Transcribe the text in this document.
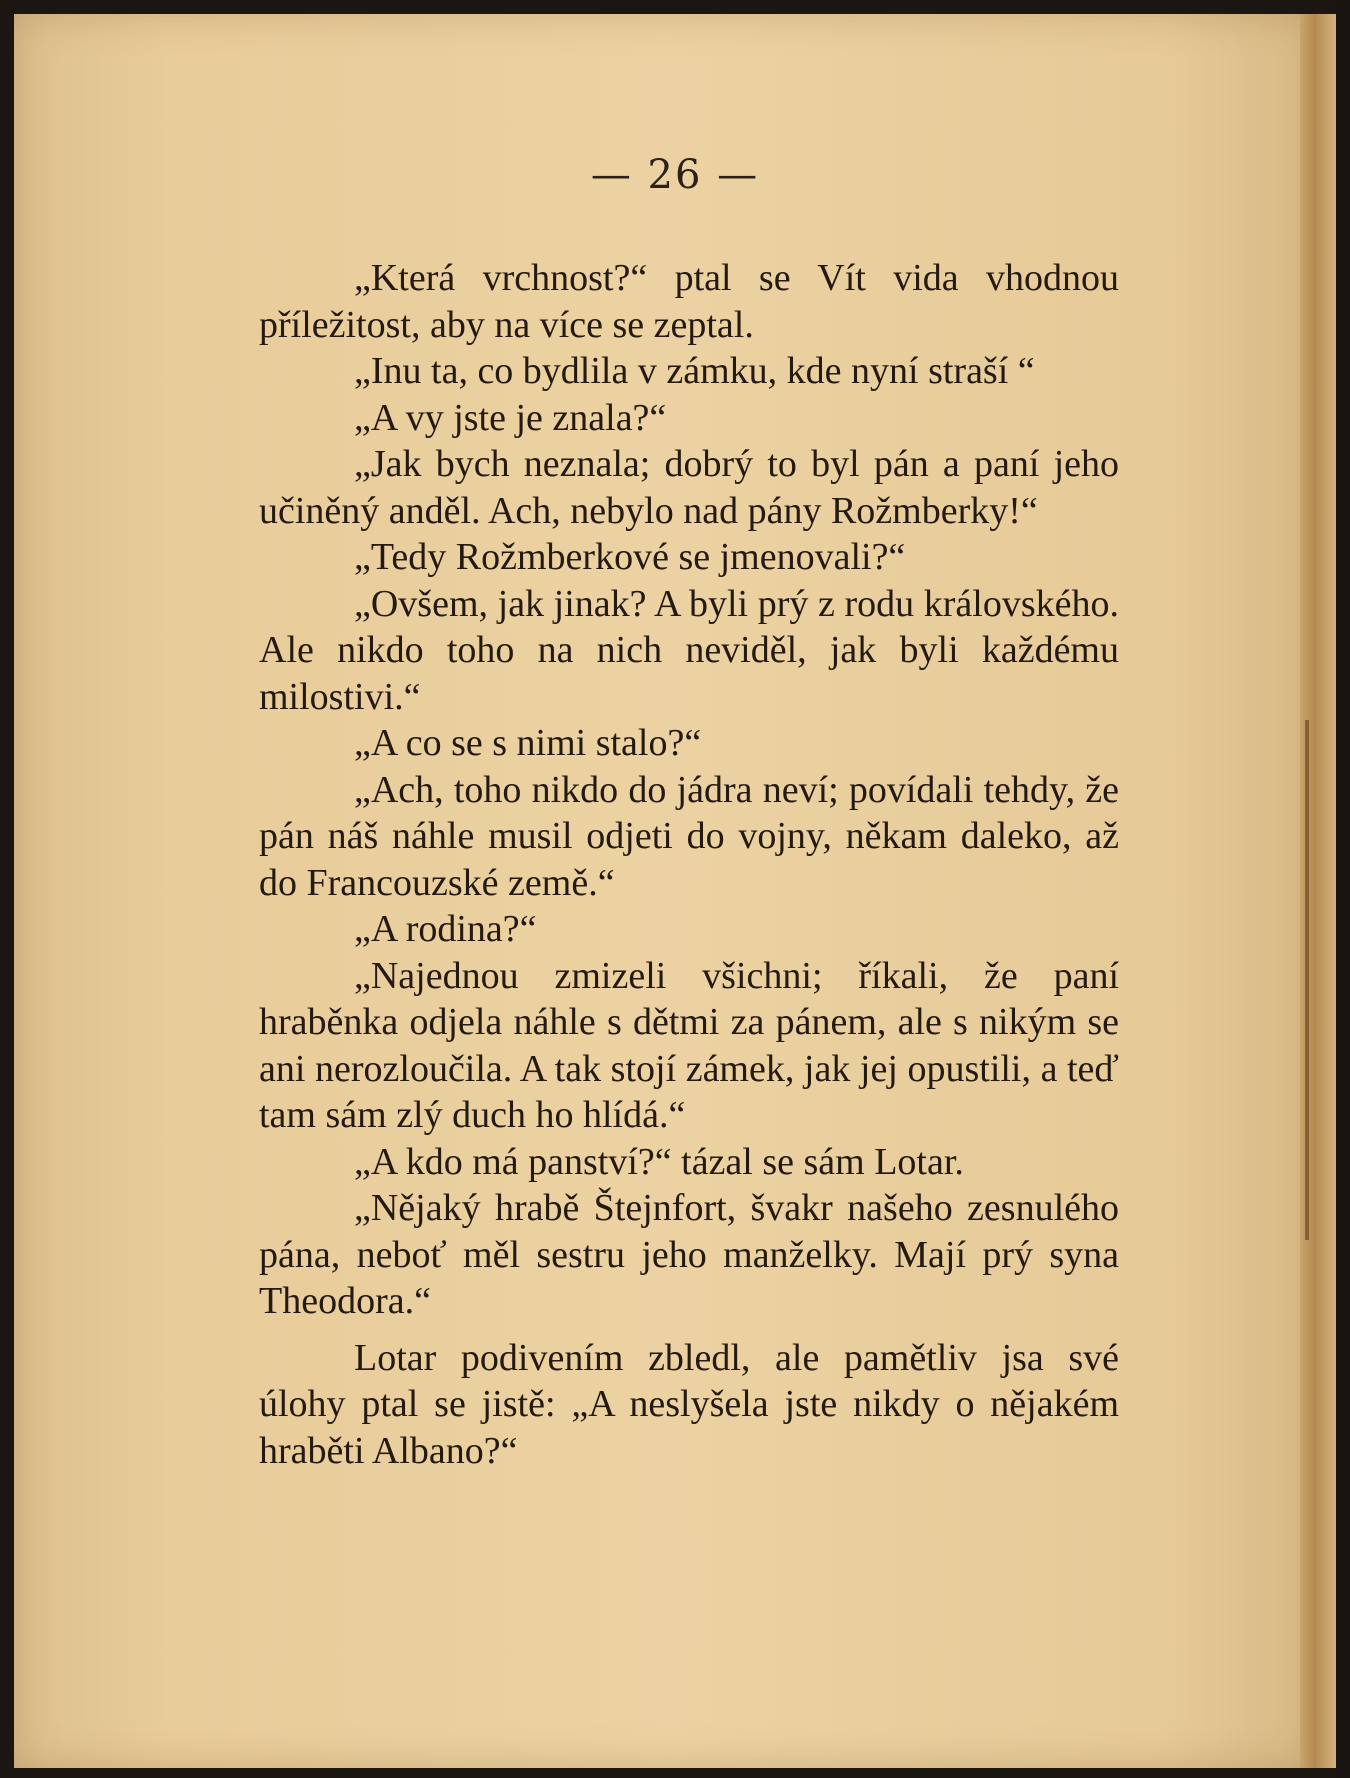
— 26 —

„Která vrchnost?“ ptal se Vít vida vhodnou příležitost, aby na více se zeptal.

„Inu ta, co bydlila v zámku, kde nyní straší “

„A vy jste je znala?“

„Jak bych neznala; dobrý to byl pán a paní jeho učiněný anděl. Ach, nebylo nad pány Rožmberky!“

„Tedy Rožmberkové se jmenovali?“

„Ovšem, jak jinak? A byli prý z rodu královského. Ale nikdo toho na nich neviděl, jak byli každému milostivi.“

„A co se s nimi stalo?“

„Ach, toho nikdo do jádra neví; povídali tehdy, že pán náš náhle musil odjeti do vojny, někam daleko, až do Francouzské země.“

„A rodina?“

„Najednou zmizeli všichni; říkali, že paní hraběnka odjela náhle s dětmi za pánem, ale s nikým se ani nerozloučila. A tak stojí zámek, jak jej opustili, a teď tam sám zlý duch ho hlídá.“

„A kdo má panství?“ tázal se sám Lotar.

„Nějaký hrabě Štejnfort, švakr našeho zesnulého pána, neboť měl sestru jeho manželky. Mají prý syna Theodora.“

Lotar podivením zbledl, ale pamětliv jsa své úlohy ptal se jistě: „A neslyšela jste nikdy o nějakém hraběti Albano?“
